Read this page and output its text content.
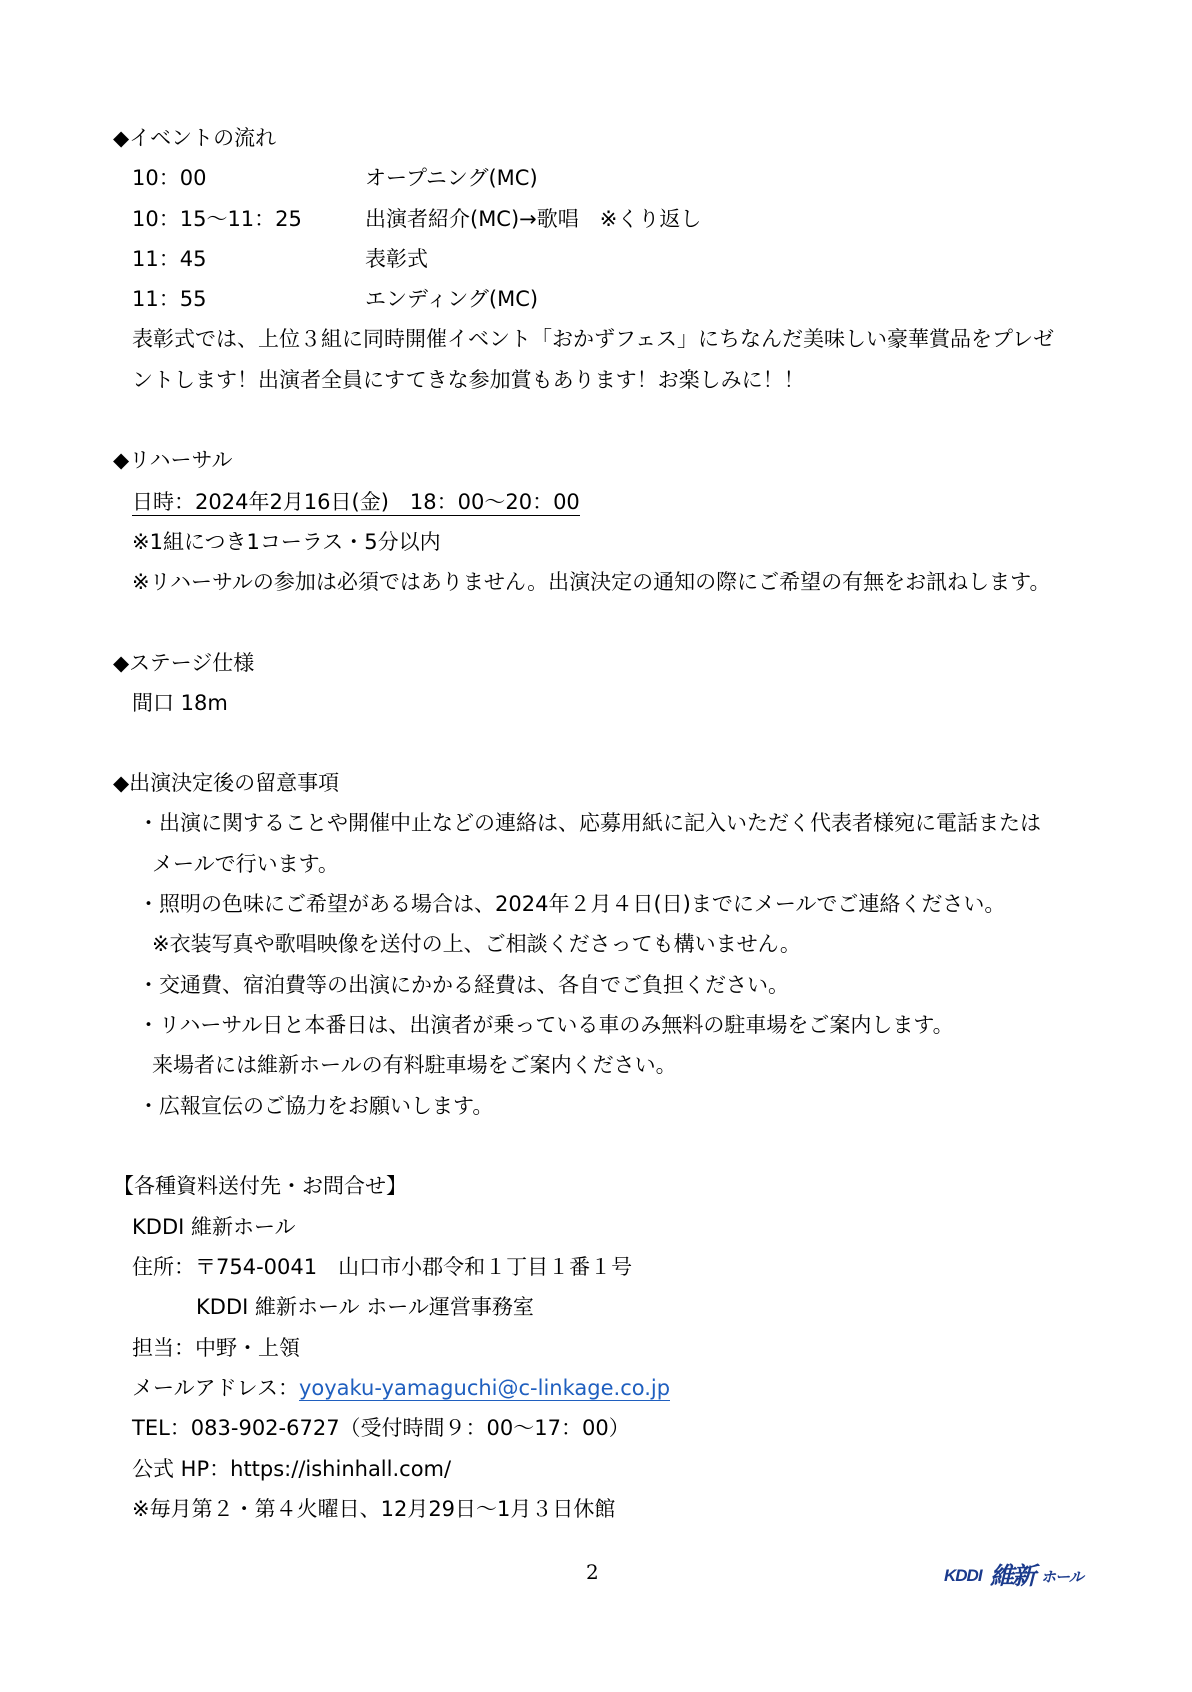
◆イベントの流れ
10：00	オープニング(MC)
10：15～11：25	出演者紹介(MC)→歌唱　※くり返し
11：45	表彰式
11：55	エンディング(MC)
表彰式では、上位３組に同時開催イベント「おかずフェス」にちなんだ美味しい豪華賞品をプレゼ
ントします！出演者全員にすてきな参加賞もあります！お楽しみに！！
◆リハーサル
日時：2024年2月16日(金)　18：00～20：00
※1組につき1コーラス・5分以内
※リハーサルの参加は必須ではありません。出演決定の通知の際にご希望の有無をお訊ねします。
◆ステージ仕様
間口 18m
◆出演決定後の留意事項
・出演に関することや開催中止などの連絡は、応募用紙に記入いただく代表者様宛に電話または
メールで行います。
・照明の色味にご希望がある場合は、2024年２月４日(日)までにメールでご連絡ください。
※衣装写真や歌唱映像を送付の上、ご相談くださっても構いません。
・交通費、宿泊費等の出演にかかる経費は、各自でご負担ください。
・リハーサル日と本番日は、出演者が乗っている車のみ無料の駐車場をご案内します。
来場者には維新ホールの有料駐車場をご案内ください。
・広報宣伝のご協力をお願いします。
【各種資料送付先・お問合せ】
KDDI 維新ホール
住所：〒754-0041　山口市小郡令和１丁目１番１号
KDDI 維新ホール ホール運営事務室
担当：中野・上領
メールアドレス：yoyaku-yamaguchi@c-linkage.co.jp
TEL：083-902-6727（受付時間９：00～17：00）
公式 HP：https://ishinhall.com/
※毎月第２・第４火曜日、12月29日～1月３日休館
2	KDDI 維新 ホール
